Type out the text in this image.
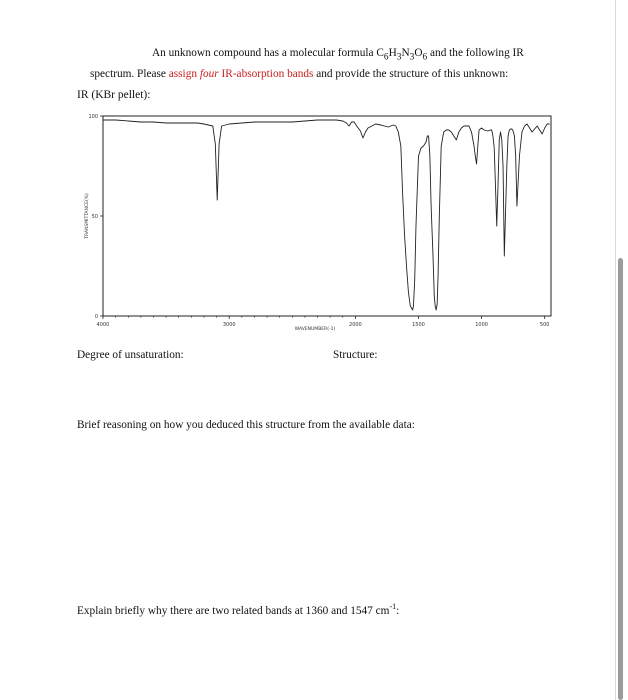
An unknown compound has a molecular formula $C_6H_3N_3O_6$ and the following IR
spectrum. Please assign four IR-absorption bands and provide the structure of this unknown:
IR (KBr pellet):
4000	3000	2000	1500	1000	500
0
50
100
TRANSMITTANCE(%)
WAVENUMBER(-1)
Degree of unsaturation:	Structure:
Brief reasoning on how you deduced this structure from the available data:
Explain briefly why there are two related bands at 1360 and 1547 $cm^{-1}$:
